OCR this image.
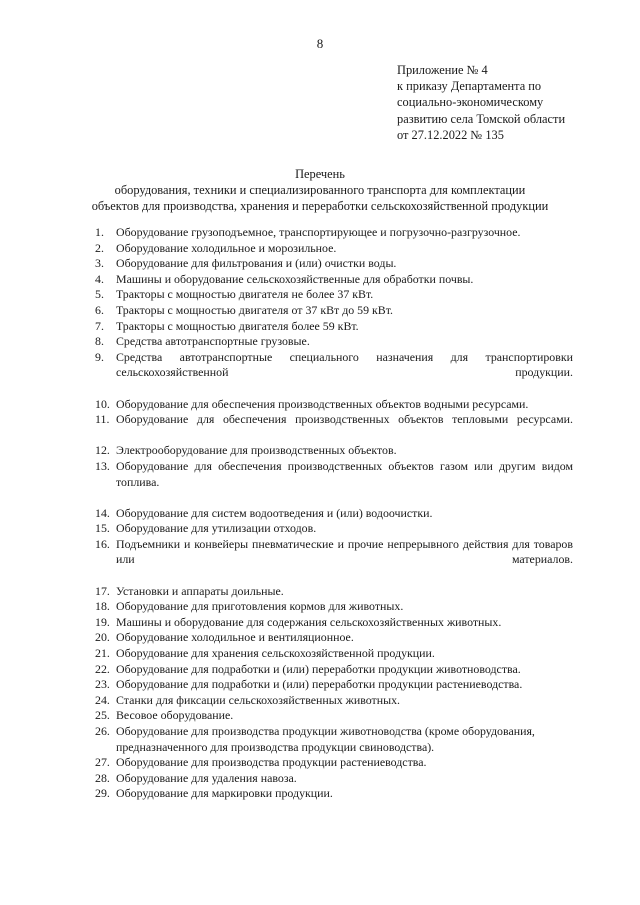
8
Приложение № 4
к приказу Департамента по
социально-экономическому
развитию села Томской области
от 27.12.2022 № 135
Перечень
оборудования, техники и специализированного транспорта для комплектации
объектов для производства, хранения и переработки сельскохозяйственной продукции
1. Оборудование грузоподъемное, транспортирующее и погрузочно-разгрузочное.
2. Оборудование холодильное и морозильное.
3. Оборудование для фильтрования и (или) очистки воды.
4. Машины и оборудование сельскохозяйственные для обработки почвы.
5. Тракторы с мощностью двигателя не более 37 кВт.
6. Тракторы с мощностью двигателя от 37 кВт до 59 кВт.
7. Тракторы с мощностью двигателя более 59 кВт.
8. Средства автотранспортные грузовые.
9. Средства автотранспортные специального назначения для транспортировки сельскохозяйственной продукции.
10. Оборудование для обеспечения производственных объектов водными ресурсами.
11. Оборудование для обеспечения производственных объектов тепловыми ресурсами.
12. Электрооборудование для производственных объектов.
13. Оборудование для обеспечения производственных объектов газом или другим видом топлива.
14. Оборудование для систем водоотведения и (или) водоочистки.
15. Оборудование для утилизации отходов.
16. Подъемники и конвейеры пневматические и прочие непрерывного действия для товаров или материалов.
17. Установки и аппараты доильные.
18. Оборудование для приготовления кормов для животных.
19. Машины и оборудование для содержания сельскохозяйственных животных.
20. Оборудование холодильное и вентиляционное.
21. Оборудование для хранения сельскохозяйственной продукции.
22. Оборудование для подработки и (или) переработки продукции животноводства.
23. Оборудование для подработки и (или) переработки продукции растениеводства.
24. Станки для фиксации сельскохозяйственных животных.
25. Весовое оборудование.
26. Оборудование для производства продукции животноводства (кроме оборудования, предназначенного для производства продукции свиноводства).
27. Оборудование для производства продукции растениеводства.
28. Оборудование для удаления навоза.
29. Оборудование для маркировки продукции.
